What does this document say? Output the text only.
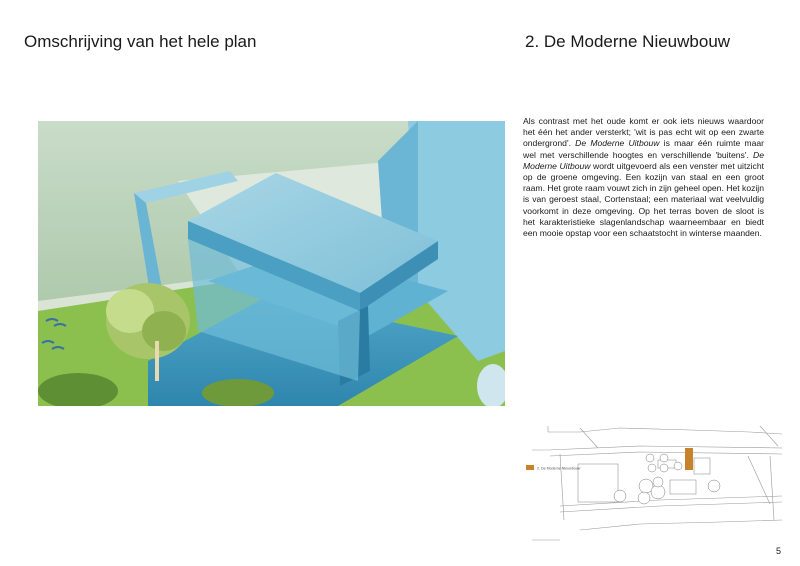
Omschrijving van het hele plan	2. De Moderne Nieuwbouw
Als contrast met het oude komt er ook iets nieuws waardoor het één het ander versterkt; 'wit is pas echt wit op een zwarte ondergrond'. De Moderne Uitbouw is maar één ruimte maar wel met verschillende hoogtes en verschillende 'buitens'. De Moderne Uitbouw wordt uitgevoerd als een venster met uitzicht op de groene omgeving. Een kozijn van staal en een groot raam. Het grote raam vouwt zich in zijn geheel open. Het kozijn is van geroest staal, Cortenstaal; een materiaal wat veelvuldig voorkomt in deze omgeving. Op het terras boven de sloot is het karakteristieke slagenlandschap waarneembaar en biedt een mooie opstap voor een schaatstocht in winterse maanden.
2. De Moderne Nieuwbouw
5
